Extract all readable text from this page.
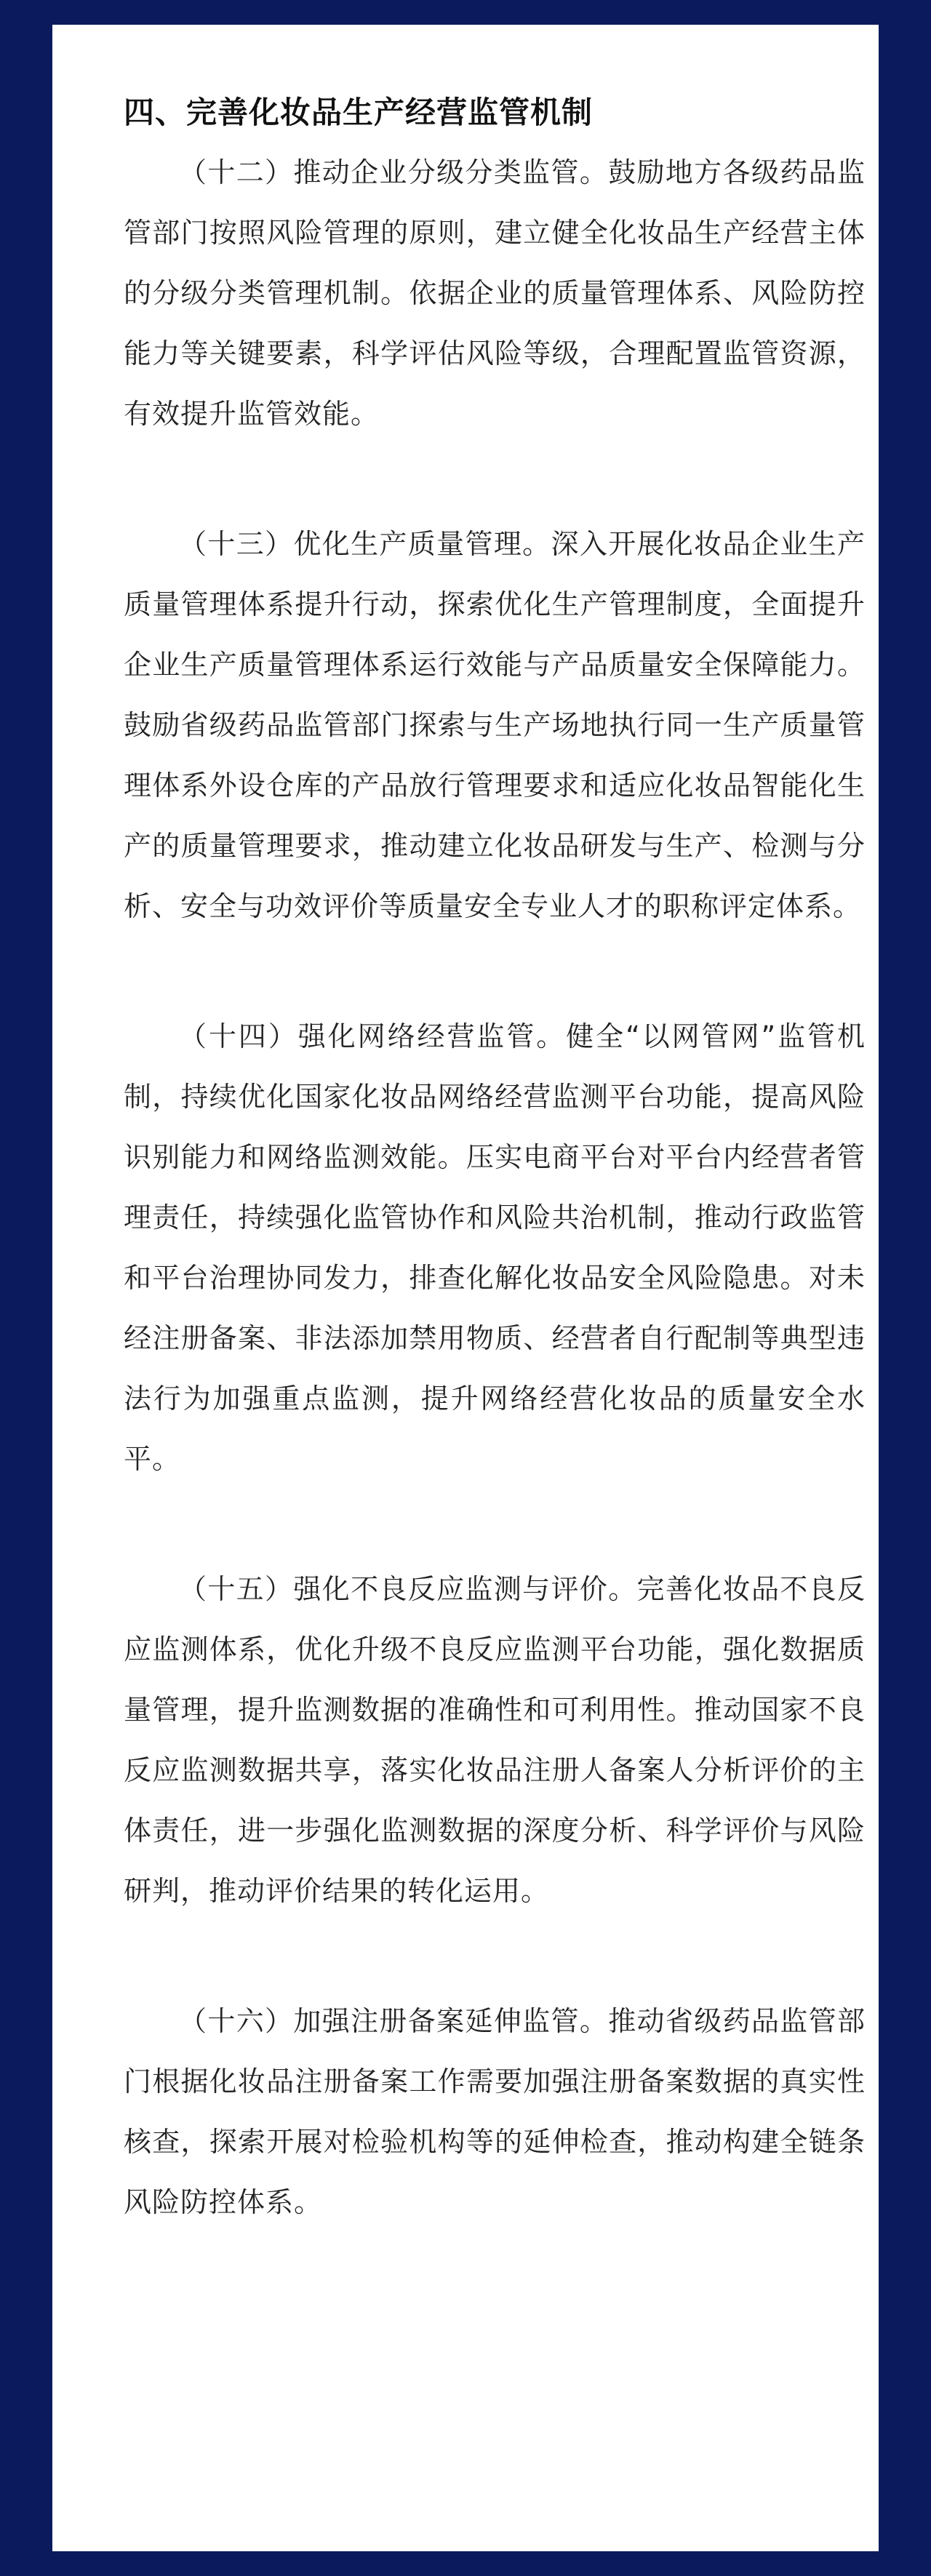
四、完善化妆品生产经营监管机制

（十二）推动企业分级分类监管。鼓励地方各级药品监管部门按照风险管理的原则，建立健全化妆品生产经营主体的分级分类管理机制。依据企业的质量管理体系、风险防控能力等关键要素，科学评估风险等级，合理配置监管资源，有效提升监管效能。

（十三）优化生产质量管理。深入开展化妆品企业生产质量管理体系提升行动，探索优化生产管理制度，全面提升企业生产质量管理体系运行效能与产品质量安全保障能力。鼓励省级药品监管部门探索与生产场地执行同一生产质量管理体系外设仓库的产品放行管理要求和适应化妆品智能化生产的质量管理要求，推动建立化妆品研发与生产、检测与分析、安全与功效评价等质量安全专业人才的职称评定体系。

（十四）强化网络经营监管。健全“以网管网”监管机制，持续优化国家化妆品网络经营监测平台功能，提高风险识别能力和网络监测效能。压实电商平台对平台内经营者管理责任，持续强化监管协作和风险共治机制，推动行政监管和平台治理协同发力，排查化解化妆品安全风险隐患。对未经注册备案、非法添加禁用物质、经营者自行配制等典型违法行为加强重点监测，提升网络经营化妆品的质量安全水平。

（十五）强化不良反应监测与评价。完善化妆品不良反应监测体系，优化升级不良反应监测平台功能，强化数据质量管理，提升监测数据的准确性和可利用性。推动国家不良反应监测数据共享，落实化妆品注册人备案人分析评价的主体责任，进一步强化监测数据的深度分析、科学评价与风险研判，推动评价结果的转化运用。

（十六）加强注册备案延伸监管。推动省级药品监管部门根据化妆品注册备案工作需要加强注册备案数据的真实性核查，探索开展对检验机构等的延伸检查，推动构建全链条风险防控体系。
